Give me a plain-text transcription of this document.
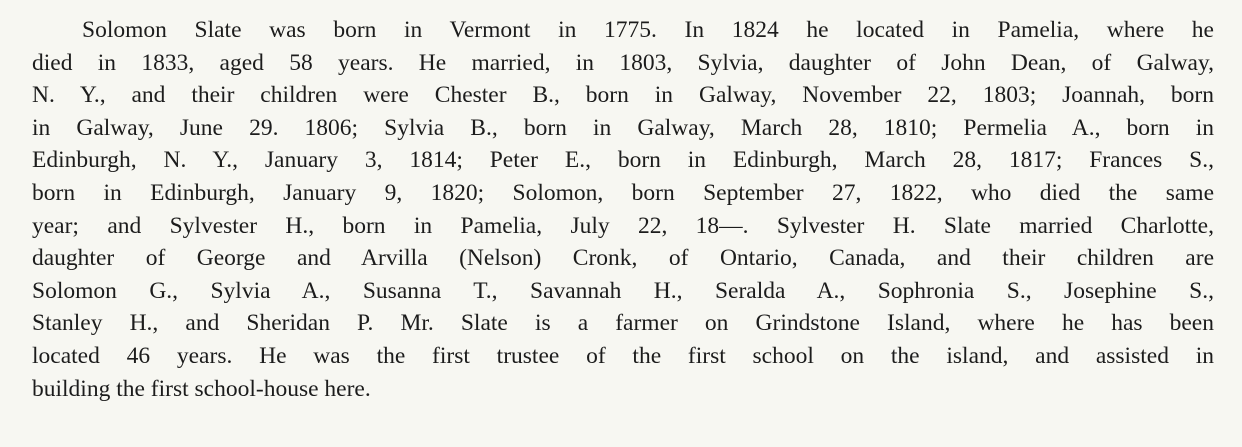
Solomon Slate was born in Vermont in 1775. In 1824 he located in Pamelia, where he
died in 1833, aged 58 years. He married, in 1803, Sylvia, daughter of John Dean, of Galway,
N. Y., and their children were Chester B., born in Galway, November 22, 1803; Joannah, born
in Galway, June 29. 1806; Sylvia B., born in Galway, March 28, 1810; Permelia A., born in
Edinburgh, N. Y., January 3, 1814; Peter E., born in Edinburgh, March 28, 1817; Frances S.,
born in Edinburgh, January 9, 1820; Solomon, born September 27, 1822, who died the same
year; and Sylvester H., born in Pamelia, July 22, 18—. Sylvester H. Slate married Charlotte,
daughter of George and Arvilla (Nelson) Cronk, of Ontario, Canada, and their children are
Solomon G., Sylvia A., Susanna T., Savannah H., Seralda A., Sophronia S., Josephine S.,
Stanley H., and Sheridan P. Mr. Slate is a farmer on Grindstone Island, where he has been
located 46 years. He was the first trustee of the first school on the island, and assisted in
building the first school-house here.
